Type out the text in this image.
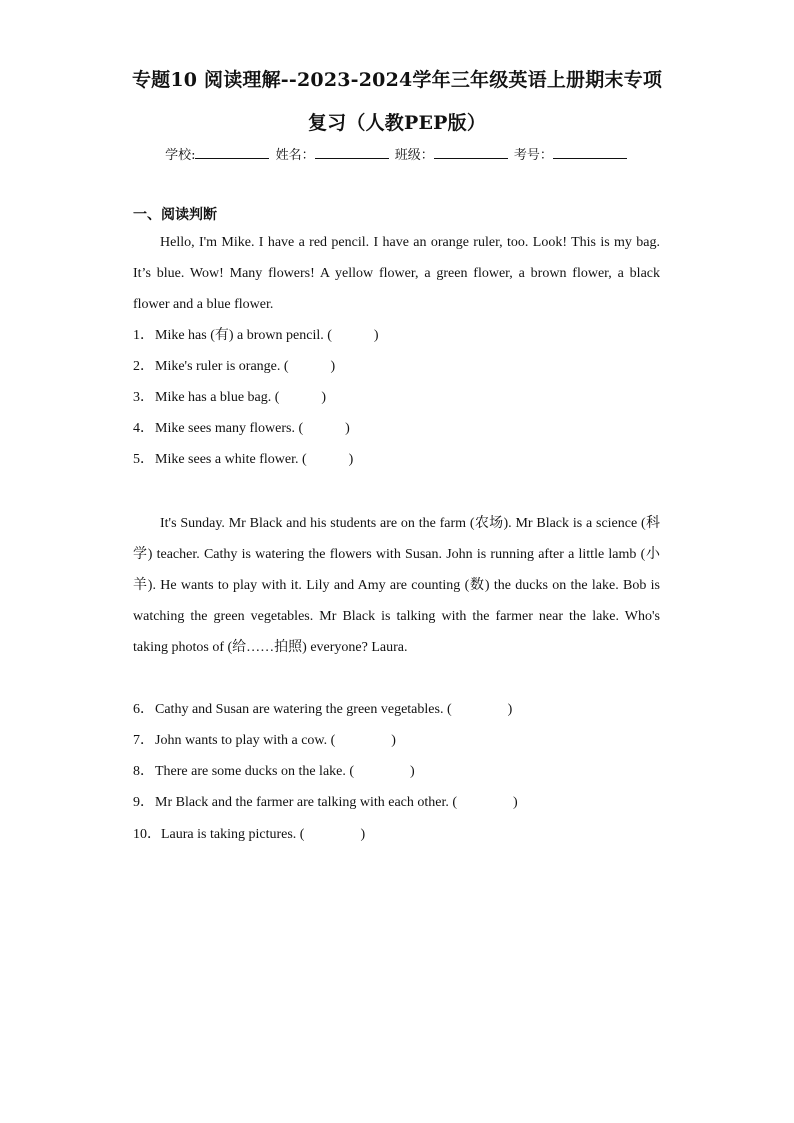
专题10 阅读理解--2023-2024学年三年级英语上册期末专项
复习（人教PEP版）
学校:	姓名：	班级：	考号：
一、阅读判断
Hello, I'm Mike. I have a red pencil. I have an orange ruler, too. Look! This is my bag. It’s blue. Wow! Many flowers! A yellow flower, a green flower, a brown flower, a black flower and a blue flower.
1．Mike has (有) a brown pencil. (　　　)
2．Mike's ruler is orange. (　　　)
3．Mike has a blue bag. (　　　)
4．Mike sees many flowers. (　　　)
5．Mike sees a white flower. (　　　)
It's Sunday. Mr Black and his students are on the farm (农场). Mr Black is a science (科学) teacher. Cathy is watering the flowers with Susan. John is running after a little lamb (小羊). He wants to play with it. Lily and Amy are counting (数) the ducks on the lake. Bob is watching the green vegetables. Mr Black is talking with the farmer near the lake. Who's taking photos of (给……拍照) everyone? Laura.
6．Cathy and Susan are watering the green vegetables. (　　　　)
7．John wants to play with a cow. (　　　　)
8．There are some ducks on the lake. (　　　　)
9．Mr Black and the farmer are talking with each other. (　　　　)
10．Laura is taking pictures. (　　　　)
